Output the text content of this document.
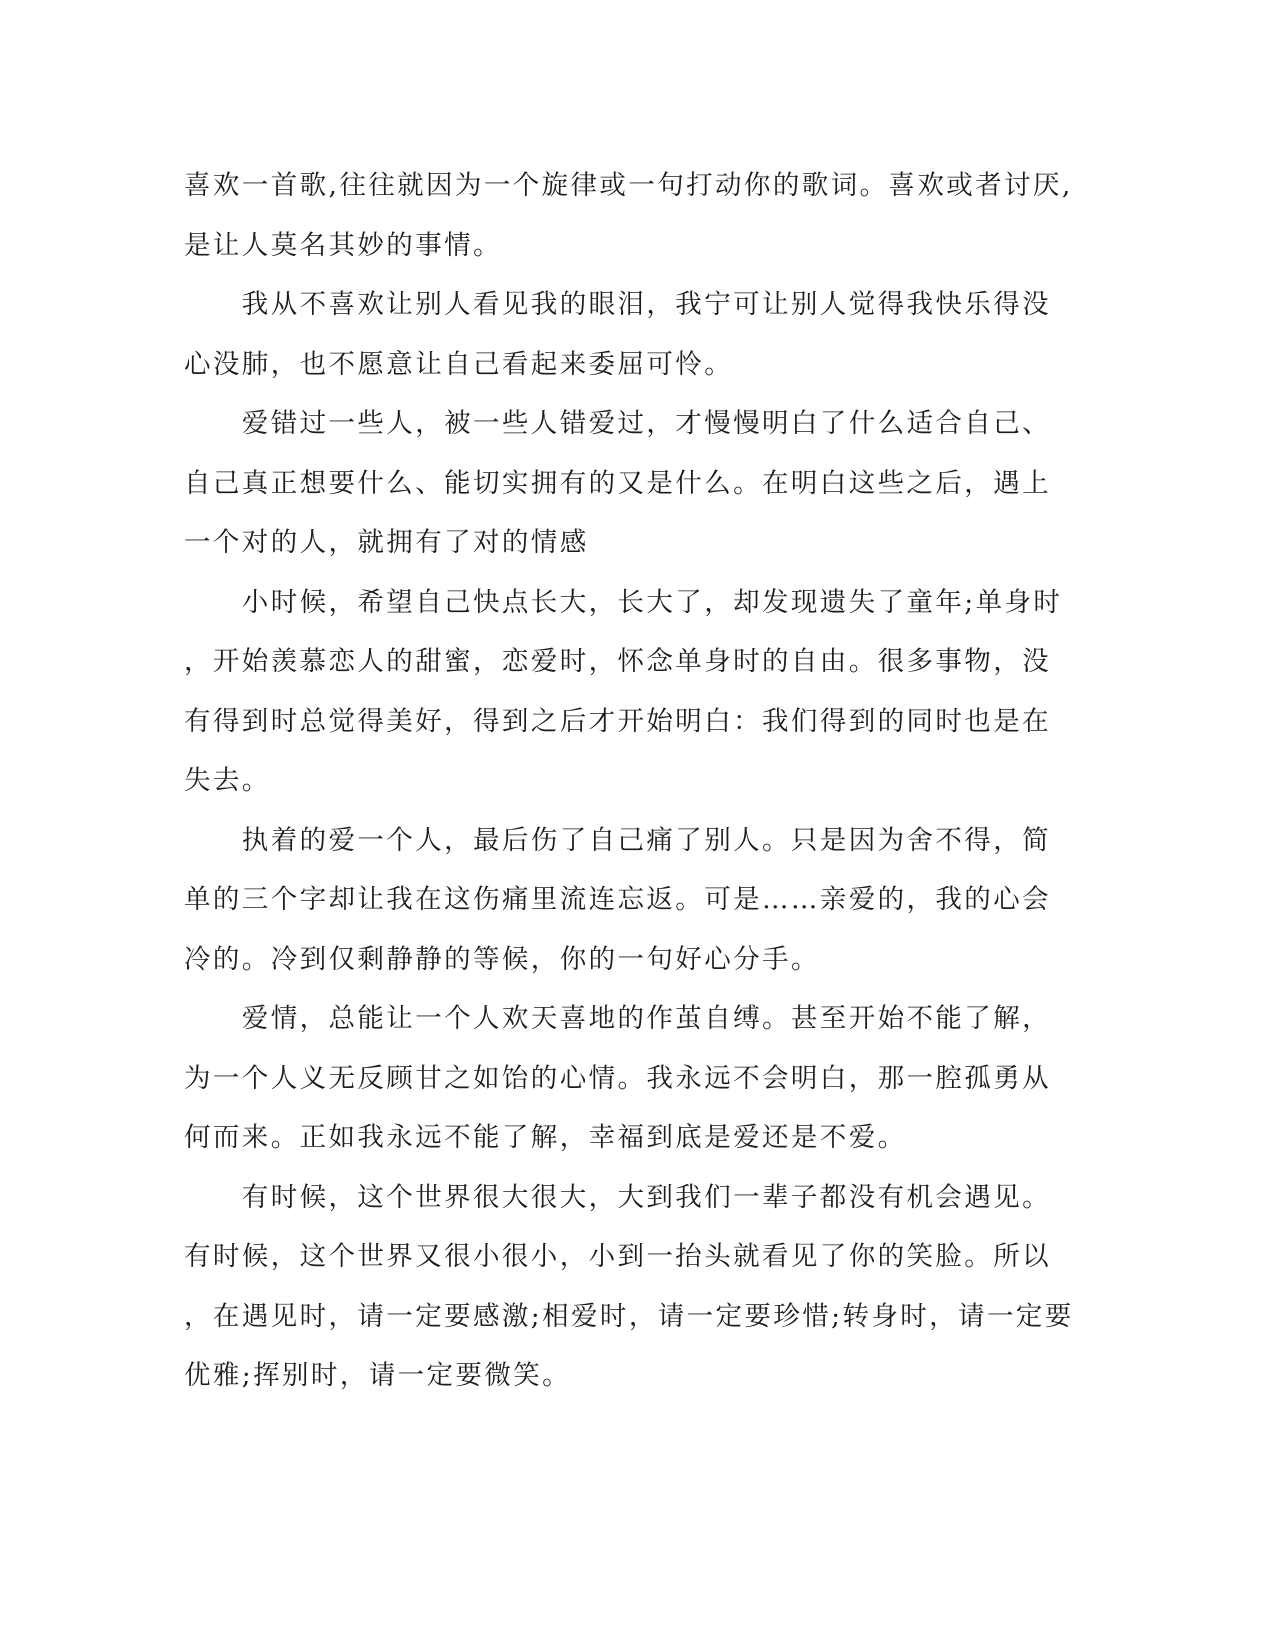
喜欢一首歌,往往就因为一个旋律或一句打动你的歌词。喜欢或者讨厌,
是让人莫名其妙的事情。
　　我从不喜欢让别人看见我的眼泪，我宁可让别人觉得我快乐得没
心没肺，也不愿意让自己看起来委屈可怜。
　　爱错过一些人，被一些人错爱过，才慢慢明白了什么适合自己、
自己真正想要什么、能切实拥有的又是什么。在明白这些之后，遇上
一个对的人，就拥有了对的情感
　　小时候，希望自己快点长大，长大了，却发现遗失了童年;单身时
，开始羡慕恋人的甜蜜，恋爱时，怀念单身时的自由。很多事物，没
有得到时总觉得美好，得到之后才开始明白：我们得到的同时也是在
失去。
　　执着的爱一个人，最后伤了自己痛了别人。只是因为舍不得，简
单的三个字却让我在这伤痛里流连忘返。可是……亲爱的，我的心会
冷的。冷到仅剩静静的等候，你的一句好心分手。
　　爱情，总能让一个人欢天喜地的作茧自缚。甚至开始不能了解，
为一个人义无反顾甘之如饴的心情。我永远不会明白，那一腔孤勇从
何而来。正如我永远不能了解，幸福到底是爱还是不爱。
　　有时候，这个世界很大很大，大到我们一辈子都没有机会遇见。
有时候，这个世界又很小很小，小到一抬头就看见了你的笑脸。所以
，在遇见时，请一定要感激;相爱时，请一定要珍惜;转身时，请一定要
优雅;挥别时，请一定要微笑。
